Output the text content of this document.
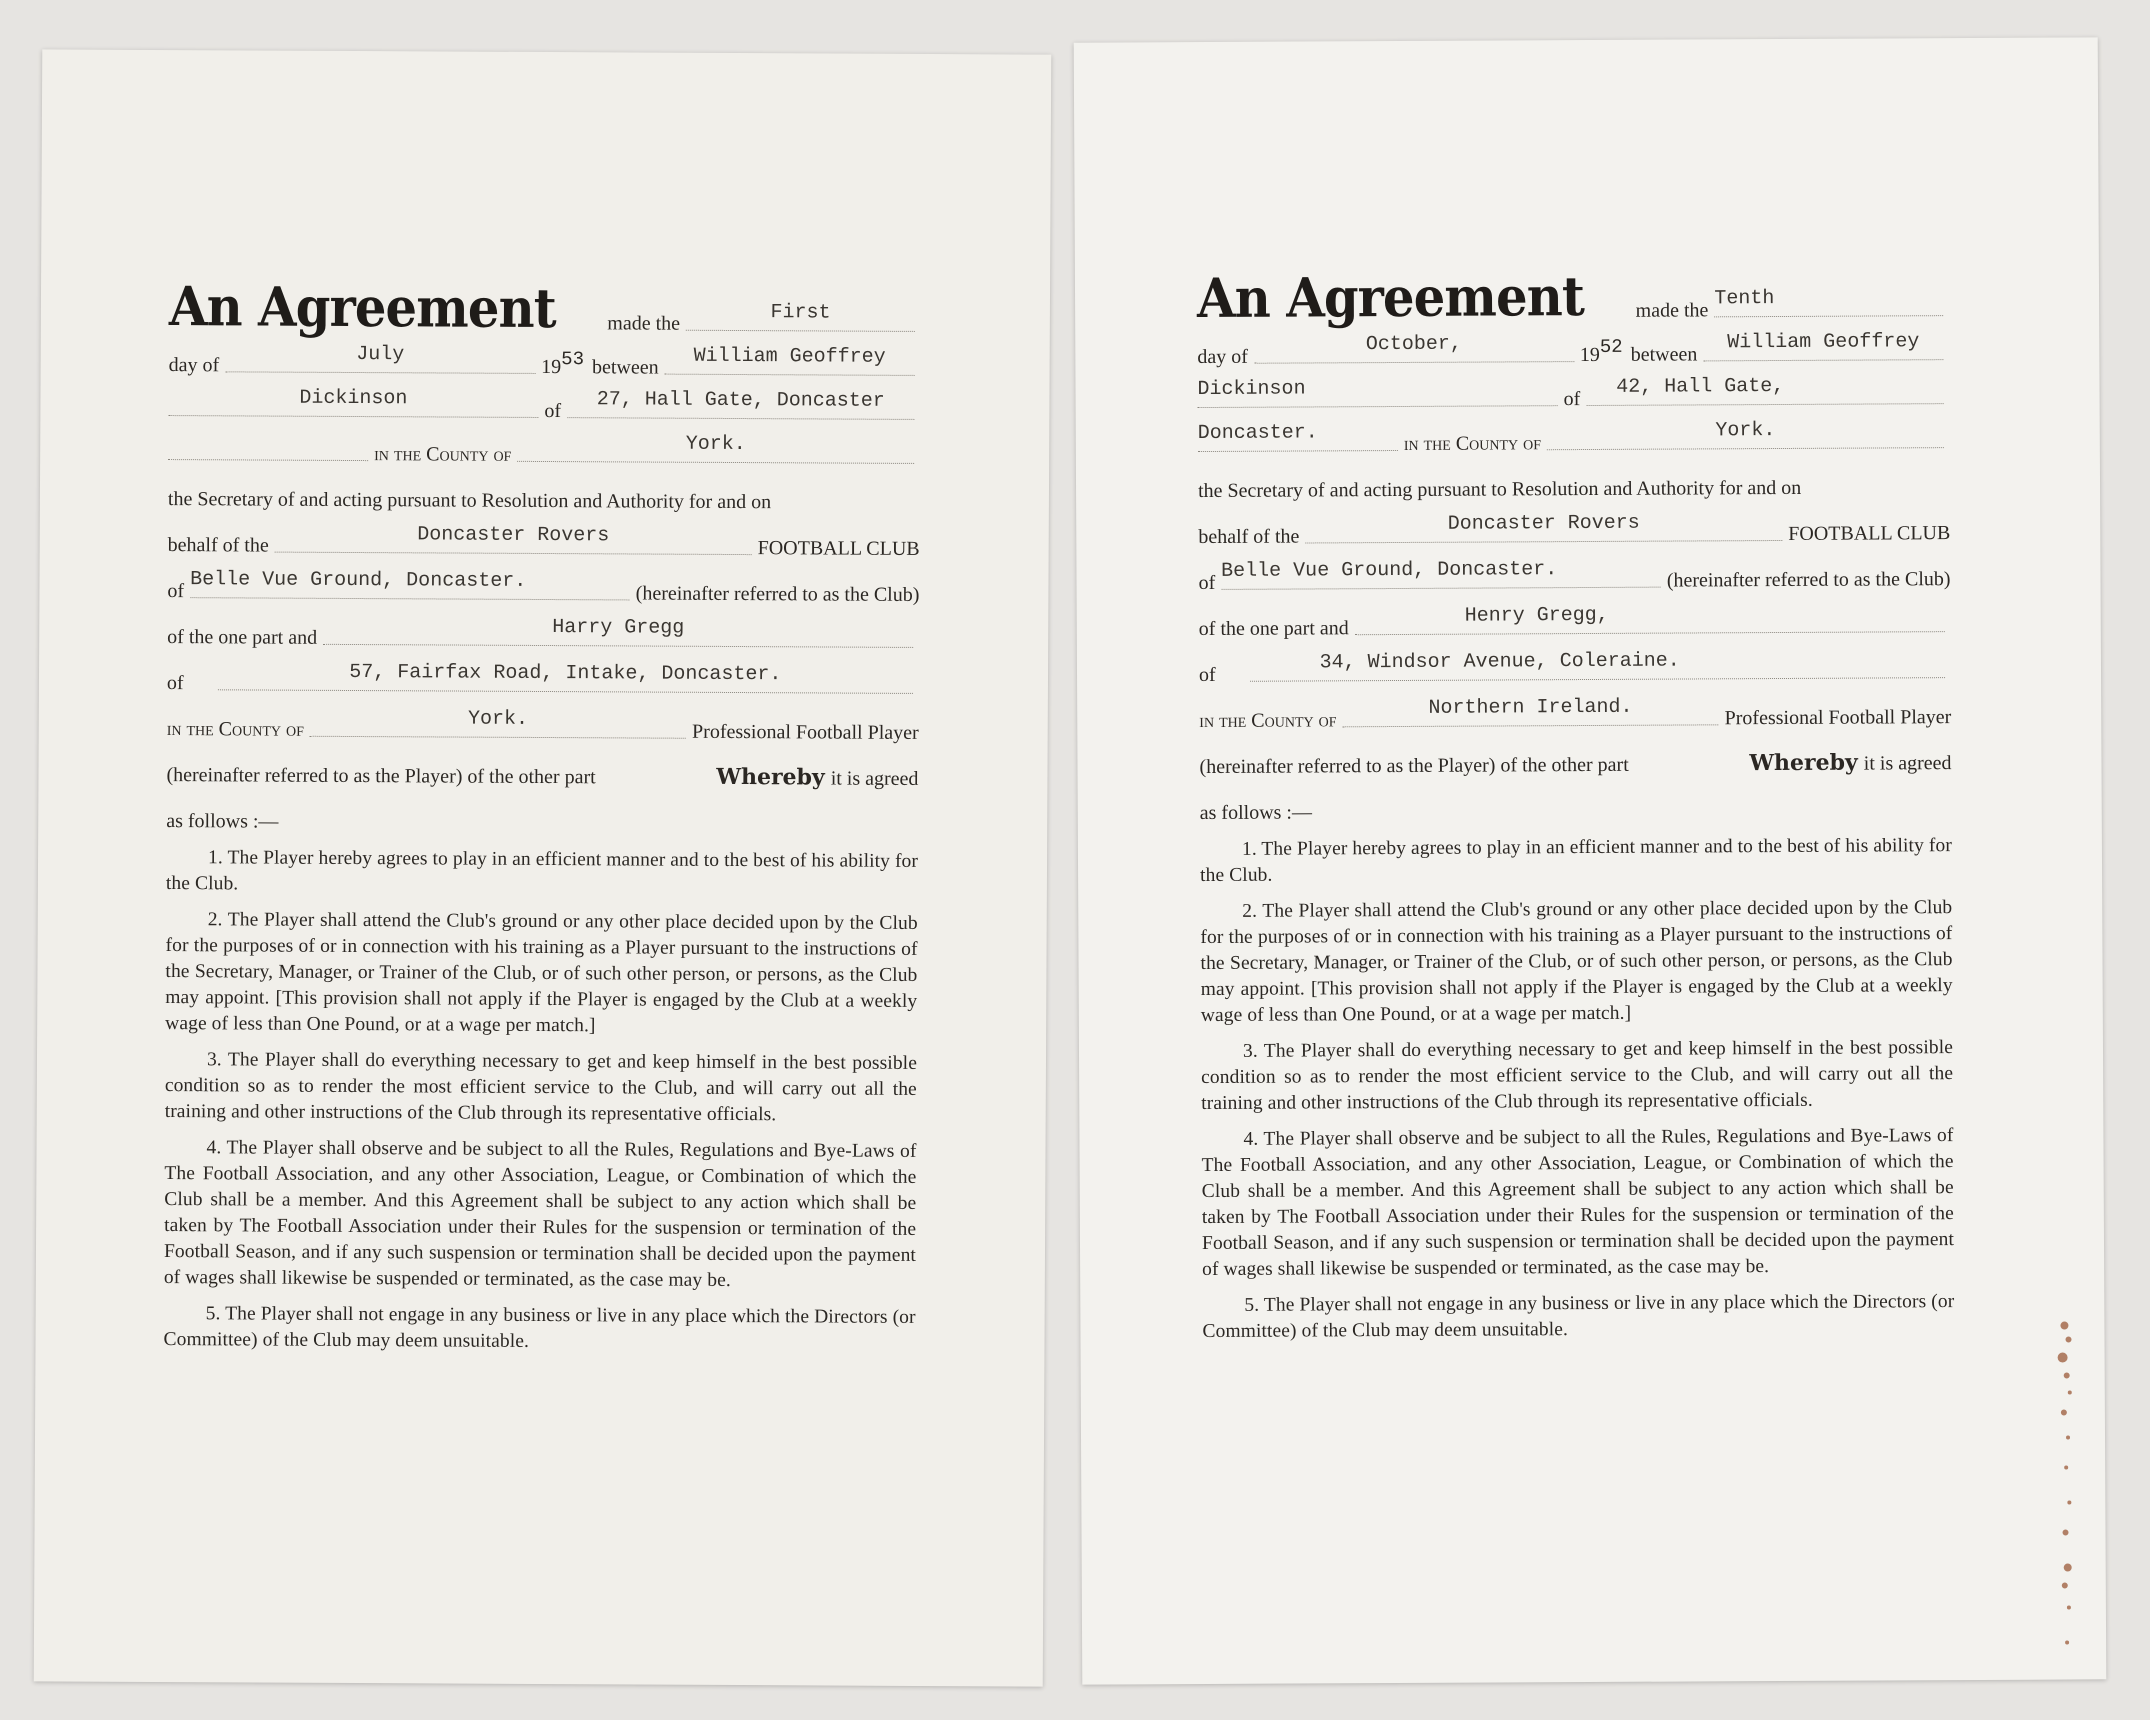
An Agreement	made the	First
day of	July
19 53 between	William Geoffrey
Dickinson
of	27, Hall Gate, Doncaster
in the County of	York.
the Secretary of and acting pursuant to Resolution and Authority for and on
behalf of the	Doncaster Rovers
FOOTBALL CLUB
of Belle Vue Ground, Doncaster.
(hereinafter referred to as the Club)
of the one part and	Harry Gregg
of	57, Fairfax Road, Intake, Doncaster.
in the County of	York.
Professional Football Player
(hereinafter referred to as the Player) of the other part	Whereby it is agreed
as follows :—

1. The Player hereby agrees to play in an efficient manner and to the best of his ability for the Club.

2. The Player shall attend the Club's ground or any other place decided upon by the Club for the purposes of or in connection with his training as a Player pursuant to the instructions of the Secretary, Manager, or Trainer of the Club, or of such other person, or persons, as the Club may appoint. [This provision shall not apply if the Player is engaged by the Club at a weekly wage of less than One Pound, or at a wage per match.]

3. The Player shall do everything necessary to get and keep himself in the best possible condition so as to render the most efficient service to the Club, and will carry out all the training and other instructions of the Club through its representative officials.

4. The Player shall observe and be subject to all the Rules, Regulations and Bye-Laws of The Football Association, and any other Association, League, or Combination of which the Club shall be a member. And this Agreement shall be subject to any action which shall be taken by The Football Association under their Rules for the suspension or termination of the Football Season, and if any such suspension or termination shall be decided upon the payment of wages shall likewise be suspended or terminated, as the case may be.

5. The Player shall not engage in any business or live in any place which the Directors (or Committee) of the Club may deem unsuitable.

An Agreement	made the
Tenth
day of
October,	19 52 between
William Geoffrey
Dickinson	of
42, Hall Gate,
Doncaster.	in the County of
York.
the Secretary of and acting pursuant to Resolution and Authority for and on
behalf of the
Doncaster Rovers	FOOTBALL CLUB
of
Belle Vue Ground, Doncaster.	(hereinafter referred to as the Club)
of the one part and
Henry Gregg,
of
34, Windsor Avenue, Coleraine.
in the County of
Northern Ireland.	Professional Football Player
(hereinafter referred to as the Player) of the other part	Whereby it is agreed
as follows :—

1. The Player hereby agrees to play in an efficient manner and to the best of his ability for the Club.

2. The Player shall attend the Club's ground or any other place decided upon by the Club for the purposes of or in connection with his training as a Player pursuant to the instructions of the Secretary, Manager, or Trainer of the Club, or of such other person, or persons, as the Club may appoint. [This provision shall not apply if the Player is engaged by the Club at a weekly wage of less than One Pound, or at a wage per match.]

3. The Player shall do everything necessary to get and keep himself in the best possible condition so as to render the most efficient service to the Club, and will carry out all the training and other instructions of the Club through its representative officials.

4. The Player shall observe and be subject to all the Rules, Regulations and Bye-Laws of The Football Association, and any other Association, League, or Combination of which the Club shall be a member. And this Agreement shall be subject to any action which shall be taken by The Football Association under their Rules for the suspension or termination of the Football Season, and if any such suspension or termination shall be decided upon the payment of wages shall likewise be suspended or terminated, as the case may be.

5. The Player shall not engage in any business or live in any place which the Directors (or Committee) of the Club may deem unsuitable.
